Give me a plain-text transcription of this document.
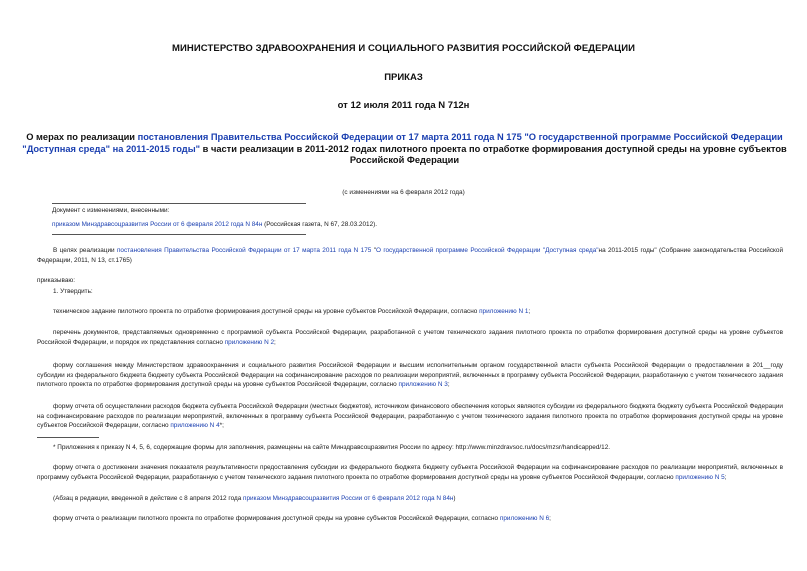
МИНИСТЕРСТВО ЗДРАВООХРАНЕНИЯ И СОЦИАЛЬНОГО РАЗВИТИЯ РОССИЙСКОЙ ФЕДЕРАЦИИ
ПРИКАЗ
от 12 июля 2011 года N 712н
О мерах по реализации постановления Правительства Российской Федерации от 17 марта 2011 года N 175 "О государственной программе Российской Федерации "Доступная среда" на 2011-2015 годы" в части реализации в 2011-2012 годах пилотного проекта по отработке формирования доступной среды на уровне субъектов Российской Федерации
(с изменениями на 6 февраля 2012 года)
Документ с изменениями, внесенными:
приказом Минздравсоцразвития России от 6 февраля 2012 года N 84н (Российская газета, N 67, 28.03.2012).
В целях реализации постановления Правительства Российской Федерации от 17 марта 2011 года N 175 "О государственной программе Российской Федерации "Доступная среда"на 2011-2015 годы" (Собрание законодательства Российской Федерации, 2011, N 13, ст.1765)
приказываю:
1. Утвердить:
техническое задание пилотного проекта по отработке формирования доступной среды на уровне субъектов Российской Федерации, согласно приложению N 1;
перечень документов, представляемых одновременно с программой субъекта Российской Федерации, разработанной с учетом технического задания пилотного проекта по отработке формирования доступной среды на уровне субъектов Российской Федерации, и порядок их представления согласно приложению N 2;
форму соглашения между Министерством здравоохранения и социального развития Российской Федерации и высшим исполнительным органом государственной власти субъекта Российской Федерации о предоставлении в 201__году субсидии из федерального бюджета бюджету субъекта Российской Федерации на софинансирование расходов по реализации мероприятий, включенных в программу субъекта Российской Федерации, разработанную с учетом технического задания пилотного проекта по отработке формирования доступной среды на уровне субъектов Российской Федерации, согласно приложению N 3;
форму отчета об осуществлении расходов бюджета субъекта Российской Федерации (местных бюджетов), источником финансового обеспечения которых являются субсидии из федерального бюджета бюджету субъекта Российской Федерации на софинансирование расходов по реализации мероприятий, включенных в программу субъекта Российской Федерации, разработанную с учетом технического задания пилотного проекта по отработке формирования доступной среды на уровне субъектов Российской Федерации, согласно приложению N 4*;
* Приложения к приказу N 4, 5, 6, содержащие формы для заполнения, размещены на сайте Минздравсоцразвития России по адресу: http://www.minzdravsoc.ru/docs/mzsr/handicapped/12.
форму отчета о достижении значения показателя результативности предоставления субсидии из федерального бюджета бюджету субъекта Российской Федерации на софинансирование расходов по реализации мероприятий, включенных в программу субъекта Российской Федерации, разработанную с учетом технического задания пилотного проекта по отработке формирования доступной среды на уровне субъектов Российской Федерации, согласно приложению N 5;
(Абзац в редакции, введенной в действие с 8 апреля 2012 года приказом Минздравсоцразвития России от 6 февраля 2012 года N 84н)
форму отчета о реализации пилотного проекта по отработке формирования доступной среды на уровне субъектов Российской Федерации, согласно приложению N 6;
